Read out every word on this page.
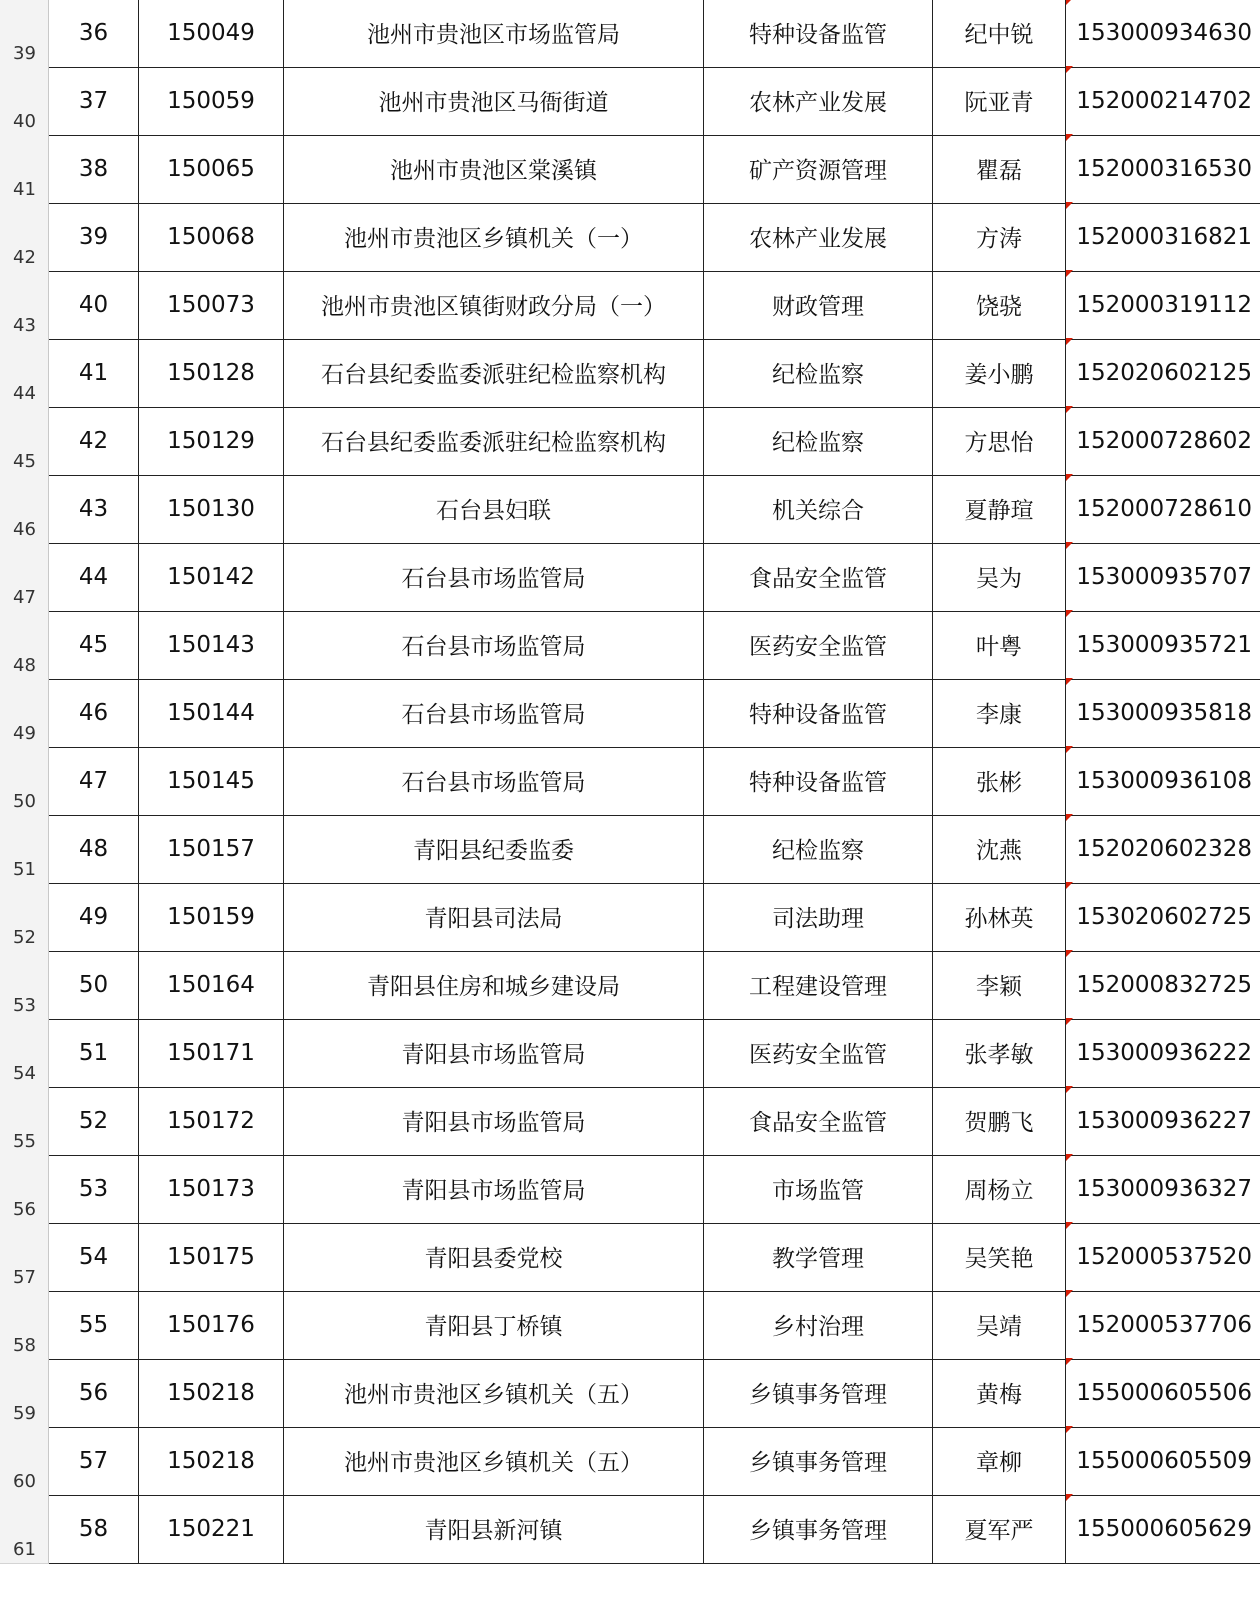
39
36	150049	池州市贵池区市场监管局	特种设备监管	纪中锐	153000934630
40
37	150059	池州市贵池区马衙街道	农林产业发展	阮亚青	152000214702
41
38	150065	池州市贵池区棠溪镇	矿产资源管理	瞿磊	152000316530
42
39	150068	池州市贵池区乡镇机关（一）	农林产业发展	方涛	152000316821
43
40	150073	池州市贵池区镇街财政分局（一）	财政管理	饶骁	152000319112
44
41	150128	石台县纪委监委派驻纪检监察机构	纪检监察	姜小鹏	152020602125
45
42	150129	石台县纪委监委派驻纪检监察机构	纪检监察	方思怡	152000728602
46
43	150130	石台县妇联	机关综合	夏静瑄	152000728610
47
44	150142	石台县市场监管局	食品安全监管	吴为	153000935707
48
45	150143	石台县市场监管局	医药安全监管	叶粤	153000935721
49
46	150144	石台县市场监管局	特种设备监管	李康	153000935818
50
47	150145	石台县市场监管局	特种设备监管	张彬	153000936108
51
48	150157	青阳县纪委监委	纪检监察	沈燕	152020602328
52
49	150159	青阳县司法局	司法助理	孙林英	153020602725
53
50	150164	青阳县住房和城乡建设局	工程建设管理	李颖	152000832725
54
51	150171	青阳县市场监管局	医药安全监管	张孝敏	153000936222
55
52	150172	青阳县市场监管局	食品安全监管	贺鹏飞	153000936227
56
53	150173	青阳县市场监管局	市场监管	周杨立	153000936327
57
54	150175	青阳县委党校	教学管理	吴笑艳	152000537520
58
55	150176	青阳县丁桥镇	乡村治理	吴靖	152000537706
59
56	150218	池州市贵池区乡镇机关（五）	乡镇事务管理	黄梅	155000605506
60
57	150218	池州市贵池区乡镇机关（五）	乡镇事务管理	章柳	155000605509
61
58	150221	青阳县新河镇	乡镇事务管理	夏军严	155000605629
